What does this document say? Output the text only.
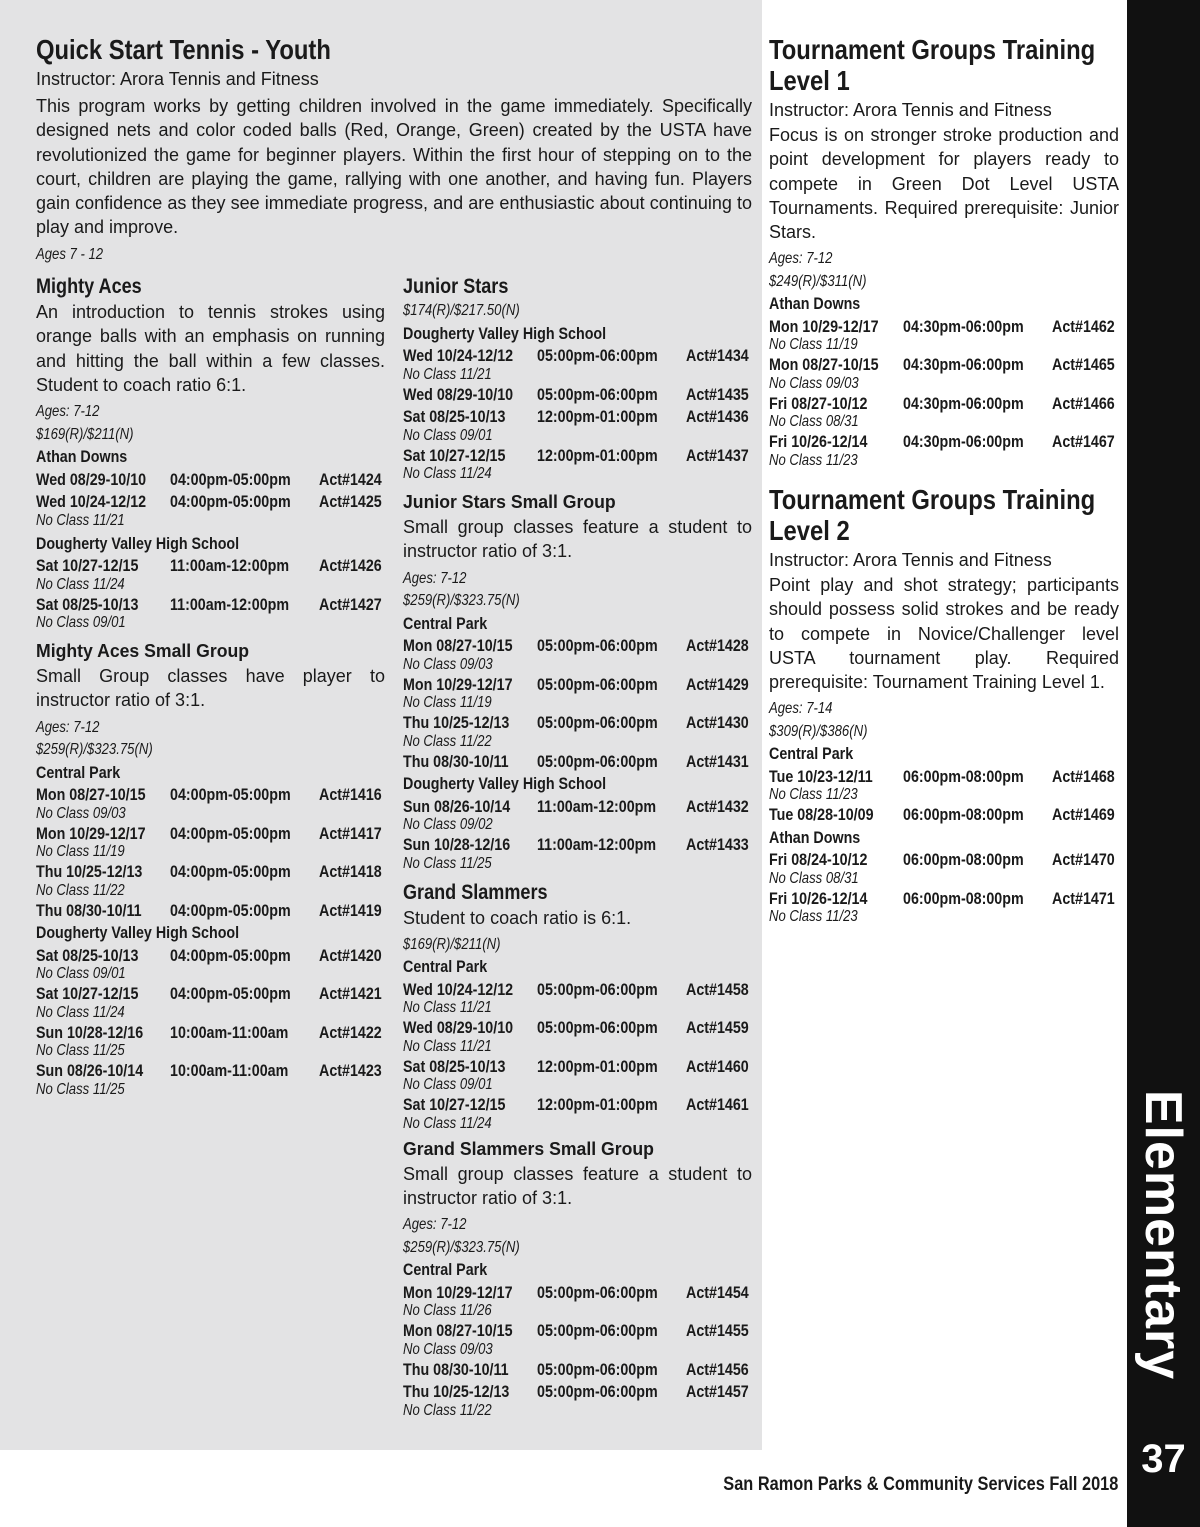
Elementary
37
San Ramon Parks & Community Services Fall 2018
Quick Start Tennis - Youth
Instructor: Arora Tennis and Fitness
This program works by getting children involved in the game immediately. Specifically designed nets and color coded balls (Red, Orange, Green) created by the USTA have revolutionized the game for beginner players. Within the first hour of stepping on to the court, children are playing the game, rallying with one another, and having fun. Players gain confidence as they see immediate progress, and are enthusiastic about continuing to play and improve.
Ages 7 - 12
Mighty Aces
An introduction to tennis strokes using orange balls with an emphasis on running and hitting the ball within a few classes. Student to coach ratio 6:1.
Ages: 7-12
$169(R)/$211(N)
Athan Downs
Wed 08/29-10/10 04:00pm-05:00pm Act#1424
Wed 10/24-12/12 04:00pm-05:00pm Act#1425
No Class 11/21
Dougherty Valley High School
Sat 10/27-12/15 11:00am-12:00pm Act#1426
No Class 11/24
Sat 08/25-10/13 11:00am-12:00pm Act#1427
No Class 09/01
Mighty Aces Small Group
Small Group classes have player to instructor ratio of 3:1.
Ages: 7-12
$259(R)/$323.75(N)
Central Park
Mon 08/27-10/15 04:00pm-05:00pm Act#1416
No Class 09/03
Mon 10/29-12/17 04:00pm-05:00pm Act#1417
No Class 11/19
Thu 10/25-12/13 04:00pm-05:00pm Act#1418
No Class 11/22
Thu 08/30-10/11 04:00pm-05:00pm Act#1419
Dougherty Valley High School
Sat 08/25-10/13 04:00pm-05:00pm Act#1420
No Class 09/01
Sat 10/27-12/15 04:00pm-05:00pm Act#1421
No Class 11/24
Sun 10/28-12/16 10:00am-11:00am Act#1422
No Class 11/25
Sun 08/26-10/14 10:00am-11:00am Act#1423
No Class 11/25
Junior Stars
$174(R)/$217.50(N)
Dougherty Valley High School
Wed 10/24-12/12 05:00pm-06:00pm Act#1434
No Class 11/21
Wed 08/29-10/10 05:00pm-06:00pm Act#1435
Sat 08/25-10/13 12:00pm-01:00pm Act#1436
No Class 09/01
Sat 10/27-12/15 12:00pm-01:00pm Act#1437
No Class 11/24
Junior Stars Small Group
Small group classes feature a student to instructor ratio of 3:1.
Ages: 7-12
$259(R)/$323.75(N)
Central Park
Mon 08/27-10/15 05:00pm-06:00pm Act#1428
No Class 09/03
Mon 10/29-12/17 05:00pm-06:00pm Act#1429
No Class 11/19
Thu 10/25-12/13 05:00pm-06:00pm Act#1430
No Class 11/22
Thu 08/30-10/11 05:00pm-06:00pm Act#1431
Dougherty Valley High School
Sun 08/26-10/14 11:00am-12:00pm Act#1432
No Class 09/02
Sun 10/28-12/16 11:00am-12:00pm Act#1433
No Class 11/25
Grand Slammers
Student to coach ratio is 6:1.
$169(R)/$211(N)
Central Park
Wed 10/24-12/12 05:00pm-06:00pm Act#1458
No Class 11/21
Wed 08/29-10/10 05:00pm-06:00pm Act#1459
No Class 11/21
Sat 08/25-10/13 12:00pm-01:00pm Act#1460
No Class 09/01
Sat 10/27-12/15 12:00pm-01:00pm Act#1461
No Class 11/24
Grand Slammers Small Group
Small group classes feature a student to instructor ratio of 3:1.
Ages: 7-12
$259(R)/$323.75(N)
Central Park
Mon 10/29-12/17 05:00pm-06:00pm Act#1454
No Class 11/26
Mon 08/27-10/15 05:00pm-06:00pm Act#1455
No Class 09/03
Thu 08/30-10/11 05:00pm-06:00pm Act#1456
Thu 10/25-12/13 05:00pm-06:00pm Act#1457
No Class 11/22
Tournament Groups Training
Level 1
Instructor: Arora Tennis and Fitness
Focus is on stronger stroke production and point development for players ready to compete in Green Dot Level USTA Tournaments. Required prerequisite: Junior Stars.
Ages: 7-12
$249(R)/$311(N)
Athan Downs
Mon 10/29-12/17 04:30pm-06:00pm Act#1462
No Class 11/19
Mon 08/27-10/15 04:30pm-06:00pm Act#1465
No Class 09/03
Fri 08/27-10/12 04:30pm-06:00pm Act#1466
No Class 08/31
Fri 10/26-12/14 04:30pm-06:00pm Act#1467
No Class 11/23
Tournament Groups Training
Level 2
Instructor: Arora Tennis and Fitness
Point play and shot strategy; participants should possess solid strokes and be ready to compete in Novice/Challenger level USTA tournament play. Required prerequisite: Tournament Training Level 1.
Ages: 7-14
$309(R)/$386(N)
Central Park
Tue 10/23-12/11 06:00pm-08:00pm Act#1468
No Class 11/23
Tue 08/28-10/09 06:00pm-08:00pm Act#1469
Athan Downs
Fri 08/24-10/12 06:00pm-08:00pm Act#1470
No Class 08/31
Fri 10/26-12/14 06:00pm-08:00pm Act#1471
No Class 11/23
